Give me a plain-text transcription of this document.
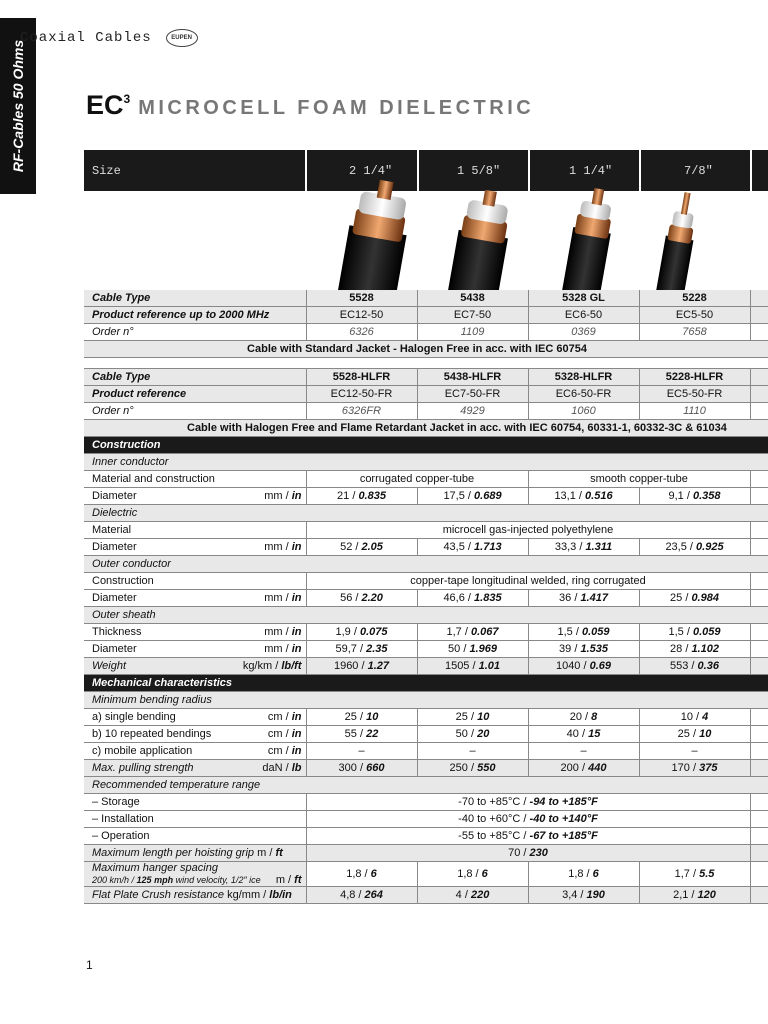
RF-Cables 50 Ohms
Coaxial Cables	EUPEN
EC 3 MICROCELL FOAM DIELECTRIC
Size	2 1/4″	1 5/8″	1 1/4″	7/8″
Cable Type	5528	5438	5328 GL	5228	
Product reference up to 2000 MHz	EC12-50	EC7-50	EC6-50	EC5-50	
Order n°	6326	1109	0369	7658	
Cable with Standard Jacket - Halogen Free in acc. with IEC 60754					

Cable Type	5528-HLFR	5438-HLFR	5328-HLFR	5228-HLFR	
Product reference	EC12-50-FR	EC7-50-FR	EC6-50-FR	EC5-50-FR	
Order n°	6326FR	4929	1060	1110	
Cable with Halogen Free and Flame Retardant Jacket in acc. with IEC 60754, 60331-1, 60332-3C & 61034					
Construction					
Inner conductor					
Material and construction	corrugated copper-tube		smooth copper-tube		

Diameter mm / in	21 / 0.835	17,5 / 0.689	13,1 / 0.516	9,1 / 0.358	
Dielectric					
Material	microcell gas-injected polyethylene				

Diameter mm / in	52 / 2.05	43,5 / 1.713	33,3 / 1.311	23,5 / 0.925	
Outer conductor					
Construction	copper-tape longitudinal welded, ring corrugated				

Diameter mm / in	56 / 2.20	46,6 / 1.835	36 / 1.417	25 / 0.984	
Outer sheath					

Thickness mm / in	1,9 / 0.075	1,7 / 0.067	1,5 / 0.059	1,5 / 0.059	

Diameter mm / in	59,7 / 2.35	50 / 1.969	39 / 1.535	28 / 1.102	

Weight kg/km / lb/ft	1960 / 1.27	1505 / 1.01	1040 / 0.69	553 / 0.36	
Mechanical characteristics					
Minimum bending radius					

a) single bending cm / in	25 / 10	25 / 10	20 / 8	10 / 4	

b) 10 repeated bendings cm / in	55 / 22	50 / 20	40 / 15	25 / 10	

c) mobile application cm / in	–	–	–	–	

Max. pulling strength daN / lb	300 / 660	250 / 550	200 / 440	170 / 375	
Recommended temperature range					
– Storage	-70 to +85°C / -94 to +185°F				
– Installation	-40 to +60°C / -40 to +140°F				
– Operation	-55 to +85°C / -67 to +185°F				
Maximum length per hoisting grip m / ft	70 / 230				

Maximum hanger spacing
200 km/h / 125 mph wind velocity, 1/2″ ice m / ft	1,8 / 6	1,8 / 6	1,8 / 6	1,7 / 5.5	
Flat Plate Crush resistance kg/mm / lb/in	4,8 / 264	4 / 220	3,4 / 190	2,1 / 120	
1
